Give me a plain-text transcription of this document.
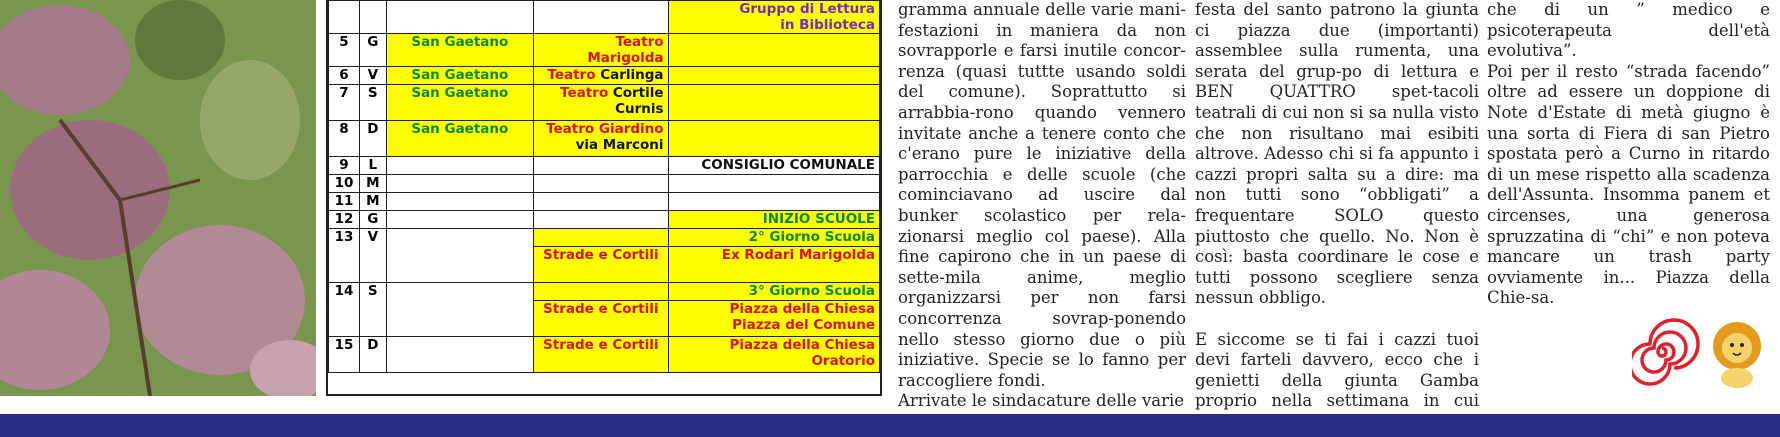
				Gruppo di Lettura
in Biblioteca

5	G	San Gaetano	Teatro Marigolda	
6	V	San Gaetano	Teatro Carlinga	
7	S	San Gaetano	Teatro Cortile Curnis	
8	D	San Gaetano	Teatro Giardino
via Marconi	

9	L			CONSIGLIO COMUNALE
10	M			
11	M			
12	G			INIZIO SCUOLE
13	V			2° Giorno Scuola
			Strade e Cortili	Ex Rodari Marigolda
14	S			3° Giorno Scuola
			Strade e Cortili	Piazza della Chiesa
Piazza del Comune

15	D		Strade e Cortili	Piazza della Chiesa
Oratorio

gramma annuale delle varie mani-festazioni in maniera da non sovrapporle e farsi inutile concor-renza (quasi tuttte usando soldi del comune). Soprattutto si arrabbia-rono quando vennero invitate anche a tenere conto che c'erano pure le iniziative della parrocchia e delle scuole (che cominciavano ad uscire dal bunker scolastico per rela-zionarsi meglio col paese). Alla fine capirono che in un paese di sette-mila anime, meglio organizzarsi per non farsi concorrenza sovrap-ponendo nello stesso giorno due o più iniziative. Specie se lo fanno per raccogliere fondi.

Arrivate le sindacature delle varie

festa del santo patrono la giunta ci piazza due (importanti) assemblee sulla rumenta, una serata del grup-po di lettura e BEN QUATTRO spet-tacoli teatrali di cui non si sa nulla visto che non risultano mai esibiti altrove. Adesso chi si fa appunto i cazzi propri salta su a dire: ma non tutti sono “obbligati” a frequentare SOLO questo piuttosto che quello. No. Non è così: basta coordinare le cose e tutti possono scegliere senza nessun obbligo.

E siccome se ti fai i cazzi tuoi devi farteli davvero, ecco che i genietti della giunta Gamba proprio nella settimana in cui

che di un ” medico e psicoterapeuta dell'età evolutiva”.

Poi per il resto “strada facendo” oltre ad essere un doppione di Note d'Estate di metà giugno è una sorta di Fiera di san Pietro spostata però a Curno in ritardo di un mese rispetto alla scadenza dell'Assunta. Insomma panem et circenses, una generosa spruzzatina di “chi” e non poteva mancare un trash party ovviamente in... Piazza della Chie-sa.
